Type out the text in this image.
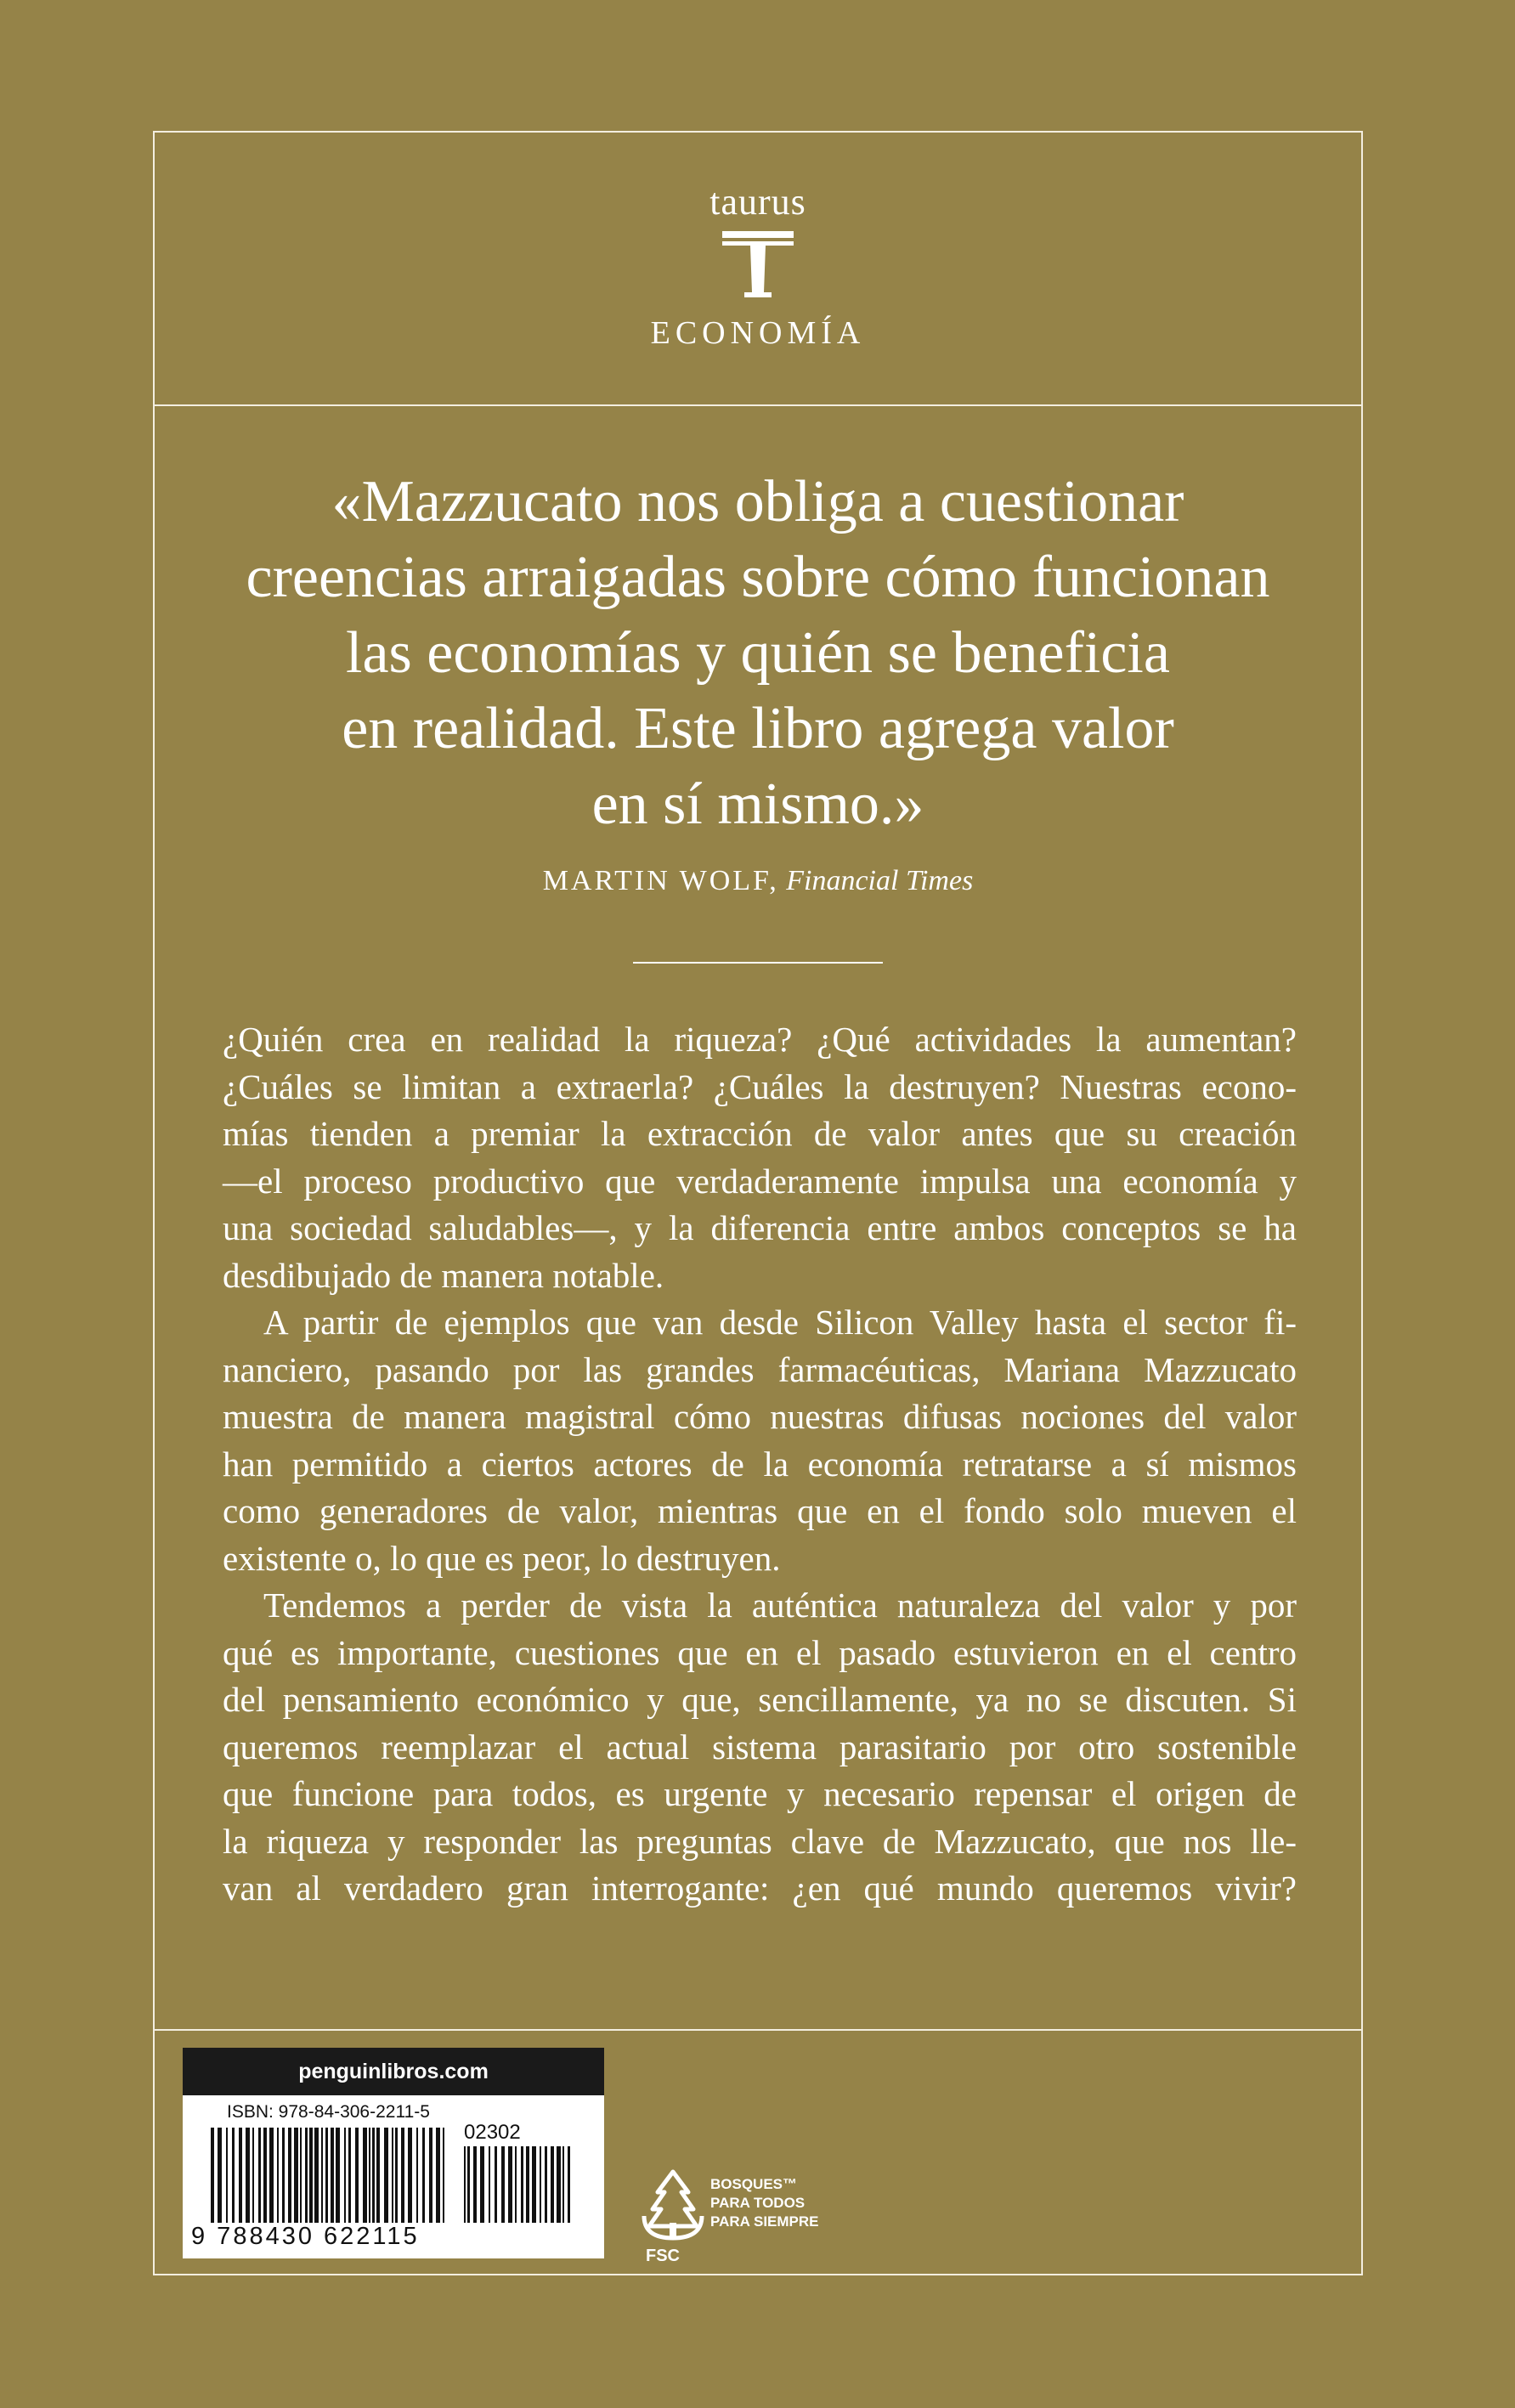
taurus
ECONOMÍA
«Mazzucato nos obliga a cuestionar
creencias arraigadas sobre cómo funcionan
las economías y quién se beneficia
en realidad. Este libro agrega valor
en sí mismo.»
MARTIN WOLF, Financial Times
¿Quién crea en realidad la riqueza? ¿Qué actividades la aumentan?
¿Cuáles se limitan a extraerla? ¿Cuáles la destruyen? Nuestras econo-
mías tienden a premiar la extracción de valor antes que su creación
—el proceso productivo que verdaderamente impulsa una economía y
una sociedad saludables—, y la diferencia entre ambos conceptos se ha
desdibujado de manera notable.
A partir de ejemplos que van desde Silicon Valley hasta el sector fi-
nanciero, pasando por las grandes farmacéuticas, Mariana Mazzucato
muestra de manera magistral cómo nuestras difusas nociones del valor
han permitido a ciertos actores de la economía retratarse a sí mismos
como generadores de valor, mientras que en el fondo solo mueven el
existente o, lo que es peor, lo destruyen.
Tendemos a perder de vista la auténtica naturaleza del valor y por
qué es importante, cuestiones que en el pasado estuvieron en el centro
del pensamiento económico y que, sencillamente, ya no se discuten. Si
queremos reemplazar el actual sistema parasitario por otro sostenible
que funcione para todos, es urgente y necesario repensar el origen de
la riqueza y responder las preguntas clave de Mazzucato, que nos lle-
van al verdadero gran interrogante: ¿en qué mundo queremos vivir?
penguinlibros.com
ISBN: 978-84-306-2211-5
02302
9 788430 622115
FSC
BOSQUES™
PARA TODOS
PARA SIEMPRE
